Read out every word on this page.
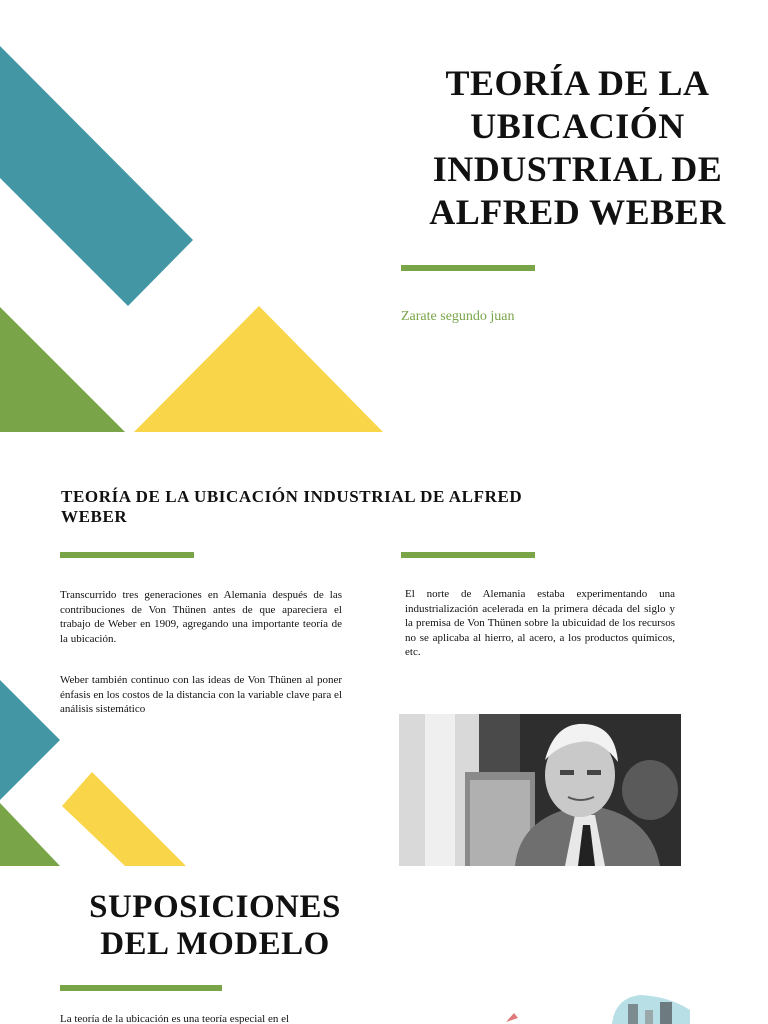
TEORÍA DE LA UBICACIÓN INDUSTRIAL DE ALFRED WEBER
Zarate segundo juan
TEORÍA DE LA UBICACIÓN INDUSTRIAL DE ALFRED WEBER
Transcurrido tres generaciones en Alemania después de las contribuciones de Von Thünen antes de que apareciera el trabajo de Weber en 1909, agregando una importante teoría de la ubicación.
Weber también continuo con las ideas de Von Thünen al poner énfasis en los costos de la distancia con la variable clave para el análisis sistemático
El norte de Alemania estaba experimentando una industrialización acelerada en la primera década del siglo y la premisa de Von Thünen sobre la ubicuidad de los recursos no se aplicaba al hierro, al acero, a los productos químicos, etc.
SUPOSICIONES DEL MODELO
La teoría de la ubicación es una teoría especial en el
